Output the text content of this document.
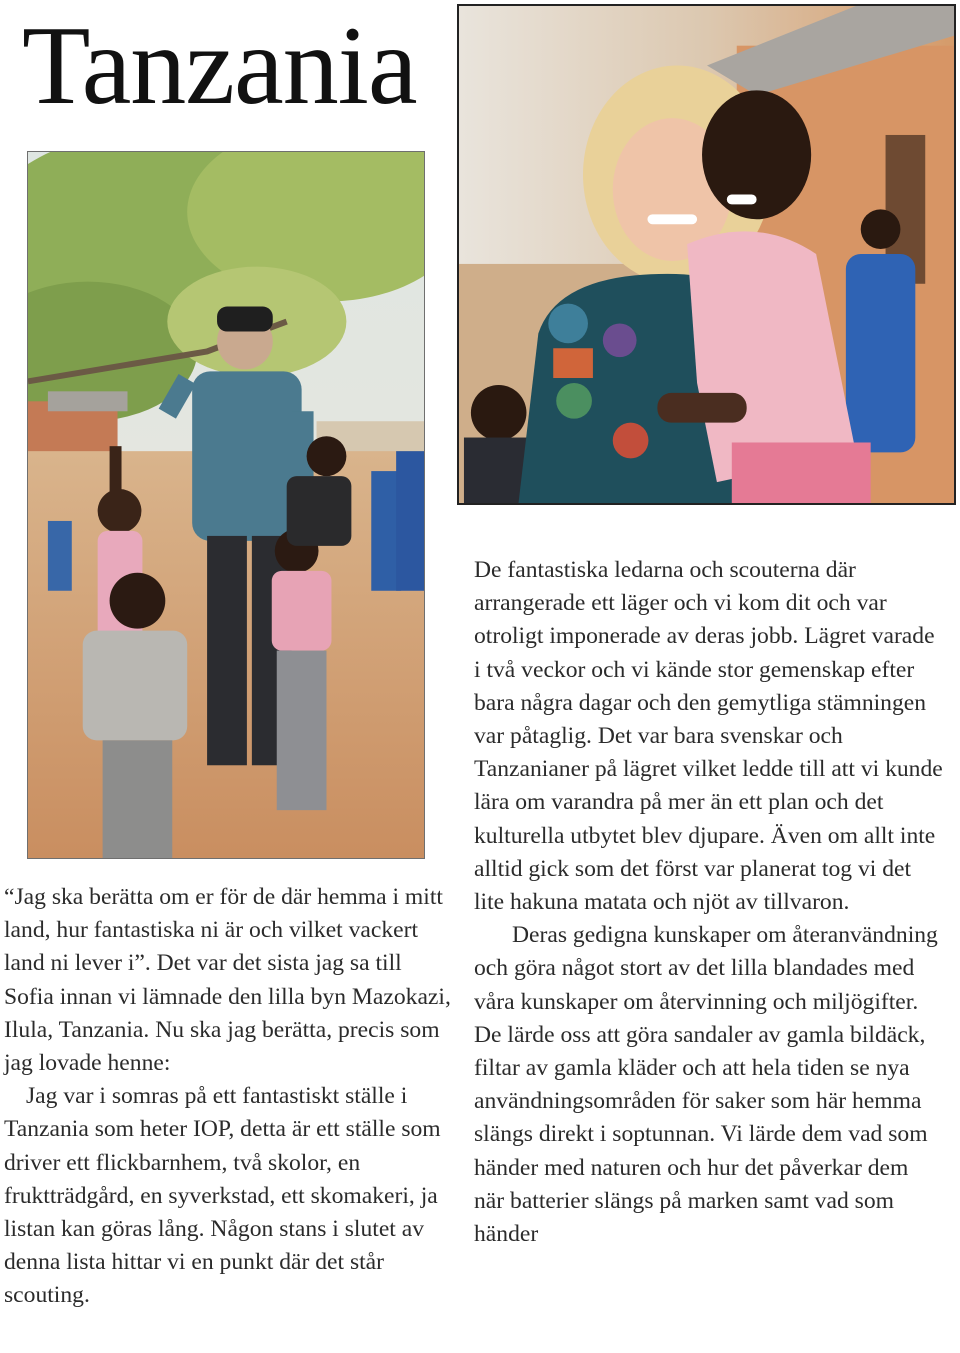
Tanzania

“Jag ska berätta om er för de där hemma i mitt land, hur fantastiska ni är och vilket vackert land ni lever i”. Det var det sista jag sa till Sofia innan vi lämnade den lilla byn Mazokazi, Ilula, Tanzania. Nu ska jag berätta, precis som jag lovade henne:

Jag var i somras på ett fantastiskt ställe i Tanzania som heter IOP, detta är ett ställe som driver ett flickbarnhem, två skolor, en fruktträdgård, en syverkstad, ett skomakeri, ja listan kan göras lång. Någon stans i slutet av denna lista hittar vi en punkt där det står scouting.

De fantastiska ledarna och scouterna där arrangerade ett läger och vi kom dit och var otroligt imponerade av deras jobb. Lägret varade i två veckor och vi kände stor gemenskap efter bara några dagar och den gemytliga stämningen var påtaglig. Det var bara svenskar och Tanzanianer på lägret vilket ledde till att vi kunde lära om varandra på mer än ett plan och det kulturella utbytet blev djupare. Även om allt inte alltid gick som det först var planerat tog vi det lite hakuna matata och njöt av tillvaron.

Deras gedigna kunskaper om återanvändning och göra något stort av det lilla blandades med våra kunskaper om återvinning och miljögifter. De lärde oss att göra sandaler av gamla bildäck, filtar av gamla kläder och att hela tiden se nya användningsområden för saker som här hemma slängs direkt i soptunnan. Vi lärde dem vad som händer med naturen och hur det påverkar dem när batterier slängs på marken samt vad som händer
